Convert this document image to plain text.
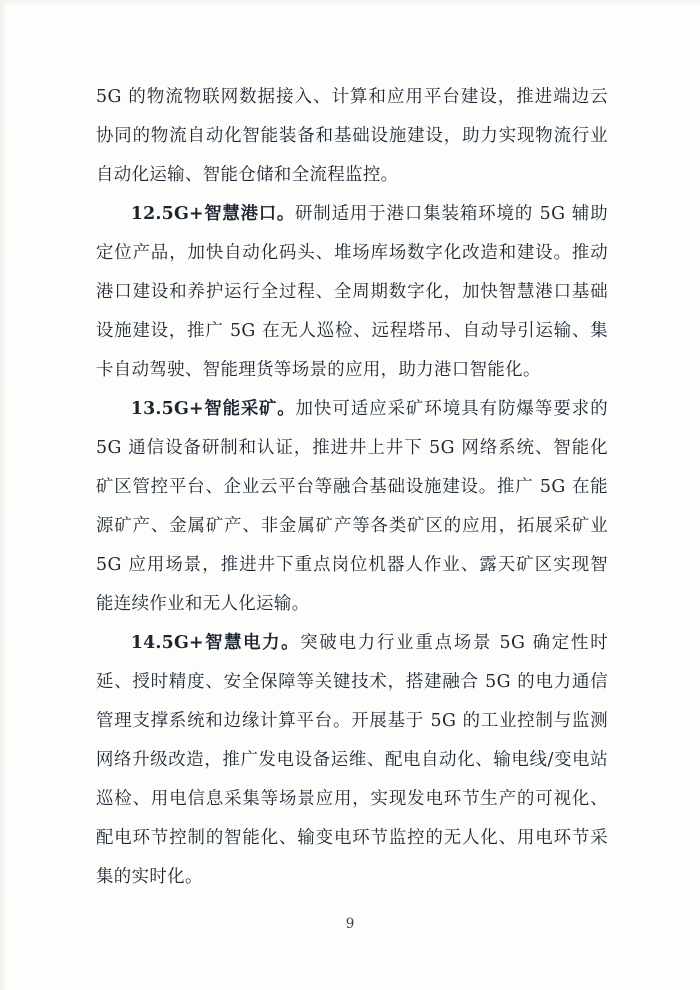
5G 的物流物联网数据接入、计算和应用平台建设，推进端边云协同的物流自动化智能装备和基础设施建设，助力实现物流行业自动化运输、智能仓储和全流程监控。

12.5G+智慧港口。研制适用于港口集装箱环境的 5G 辅助定位产品，加快自动化码头、堆场库场数字化改造和建设。推动港口建设和养护运行全过程、全周期数字化，加快智慧港口基础设施建设，推广 5G 在无人巡检、远程塔吊、自动导引运输、集卡自动驾驶、智能理货等场景的应用，助力港口智能化。

13.5G+智能采矿。加快可适应采矿环境具有防爆等要求的 5G 通信设备研制和认证，推进井上井下 5G 网络系统、智能化矿区管控平台、企业云平台等融合基础设施建设。推广 5G 在能源矿产、金属矿产、非金属矿产等各类矿区的应用，拓展采矿业 5G 应用场景，推进井下重点岗位机器人作业、露天矿区实现智能连续作业和无人化运输。

14.5G+智慧电力。突破电力行业重点场景 5G 确定性时延、授时精度、安全保障等关键技术，搭建融合 5G 的电力通信管理支撑系统和边缘计算平台。开展基于 5G 的工业控制与监测网络升级改造，推广发电设备运维、配电自动化、输电线/变电站巡检、用电信息采集等场景应用，实现发电环节生产的可视化、配电环节控制的智能化、输变电环节监控的无人化、用电环节采集的实时化。

9
